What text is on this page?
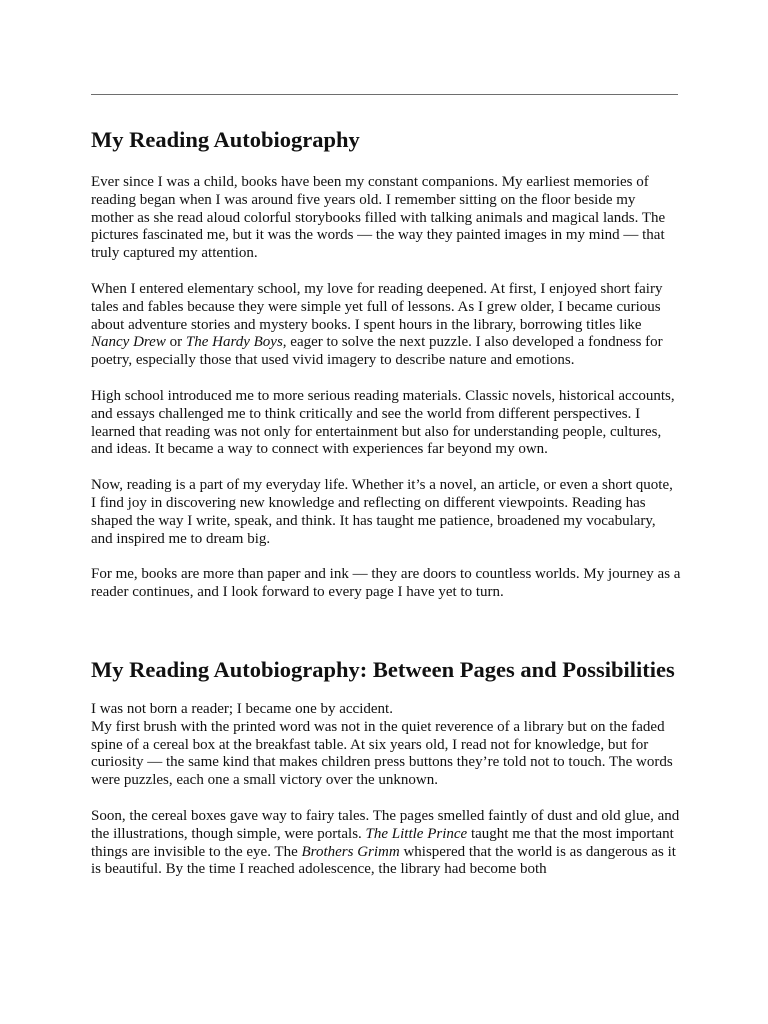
My Reading Autobiography

Ever since I was a child, books have been my constant companions. My earliest memories of reading began when I was around five years old. I remember sitting on the floor beside my mother as she read aloud colorful storybooks filled with talking animals and magical lands. The pictures fascinated me, but it was the words — the way they painted images in my mind — that truly captured my attention.

When I entered elementary school, my love for reading deepened. At first, I enjoyed short fairy tales and fables because they were simple yet full of lessons. As I grew older, I became curious about adventure stories and mystery books. I spent hours in the library, borrowing titles like Nancy Drew or The Hardy Boys, eager to solve the next puzzle. I also developed a fondness for poetry, especially those that used vivid imagery to describe nature and emotions.

High school introduced me to more serious reading materials. Classic novels, historical accounts, and essays challenged me to think critically and see the world from different perspectives. I learned that reading was not only for entertainment but also for understanding people, cultures, and ideas. It became a way to connect with experiences far beyond my own.

Now, reading is a part of my everyday life. Whether it’s a novel, an article, or even a short quote, I find joy in discovering new knowledge and reflecting on different viewpoints. Reading has shaped the way I write, speak, and think. It has taught me patience, broadened my vocabulary, and inspired me to dream big.

For me, books are more than paper and ink — they are doors to countless worlds. My journey as a reader continues, and I look forward to every page I have yet to turn.

My Reading Autobiography: Between Pages and Possibilities

I was not born a reader; I became one by accident.

My first brush with the printed word was not in the quiet reverence of a library but on the faded spine of a cereal box at the breakfast table. At six years old, I read not for knowledge, but for curiosity — the same kind that makes children press buttons they’re told not to touch. The words were puzzles, each one a small victory over the unknown.

Soon, the cereal boxes gave way to fairy tales. The pages smelled faintly of dust and old glue, and the illustrations, though simple, were portals. The Little Prince taught me that the most important things are invisible to the eye. The Brothers Grimm whispered that the world is as dangerous as it is beautiful. By the time I reached adolescence, the library had become both
